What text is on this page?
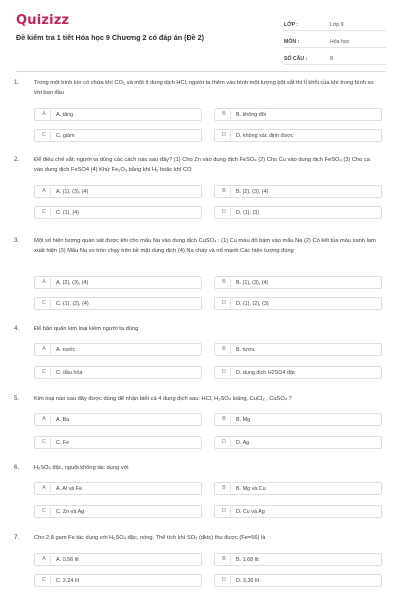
Quizizz
Đề kiểm tra 1 tiết Hóa học 9 Chương 2 có đáp án (Đề 2)
LỚP :	Lớp 9
MÔN :	Hóa học
SỐ CÂU :	8
1.	Trong một bình kín có chứa khí CO₂ và một ít dung dịch HCl, người ta thêm vào bình một lượng bột sắt thì tỉ khối của khí trong bình so với ban đầu
A	A. tăng	B	B. không đổi
C	C. giảm	D	D. không xác định được
2.	Để điều chế sắt, người ta dùng các cách nào sau đây? (1) Cho Zn vào dung dịch FeSO₄ (2) Cho Cu vào dung dịch FeSO₄ (3) Cho ca vào dung dịch FeSO4 (4) Khử Fe₂O₃ bằng khí H₂ hoặc khí CO
A	A. (1), (3), (4)	B	B. (2), (3), (4)
C	C. (1), (4)	D	D. (1), (3)
3.	Một số hiện tượng quan sát được khi cho mẩu Na vào dung dịch CuSO₄ : (1) Cu màu đỏ bám vào mẩu Na (2) Có kết tủa màu xanh lam xuất hiện (3) Mẩu Na vo tròn chạy trên bề mặt dung dịch (4) Na cháy và nổ mạnh Các hiện tượng đúng
A	A. (2), (3), (4)	B	B. (1), (3), (4)
C	C. (1), (2), (4)	D	D. (1), (2), (3)
4.	Để bảo quản kim loại kiềm người ta dùng
A	A. nước	B	B. rượu
C	C. dầu hỏa	D	D. dung dịch H2SO4 đặc
5.	Kim loại nào sau đây được dùng để nhận biết cả 4 dung dịch sau: HCl, H₂SO₄ loãng, CuCl₂ , CuSO₄ ?
A	A. Ba	B	B. Mg
C	C. Fe	D	D. Ag
6.	H₂SO₄ đặc, nguội không tác dụng với
A	A. Al và Fe	B	B. Mg và Cu
C	C. Zn và Ag	D	D. Cu và Ag
7.	Cho 2,8 gam Fe tác dụng với H₂SO₄ đặc, nóng. Thể tích khí SO₂ (đktc) thu được (Fe=56) là
A	A. 0,56 lít	B	B. 1,68 lít
C	C. 2,24 lít	D	D. 3,36 lít
